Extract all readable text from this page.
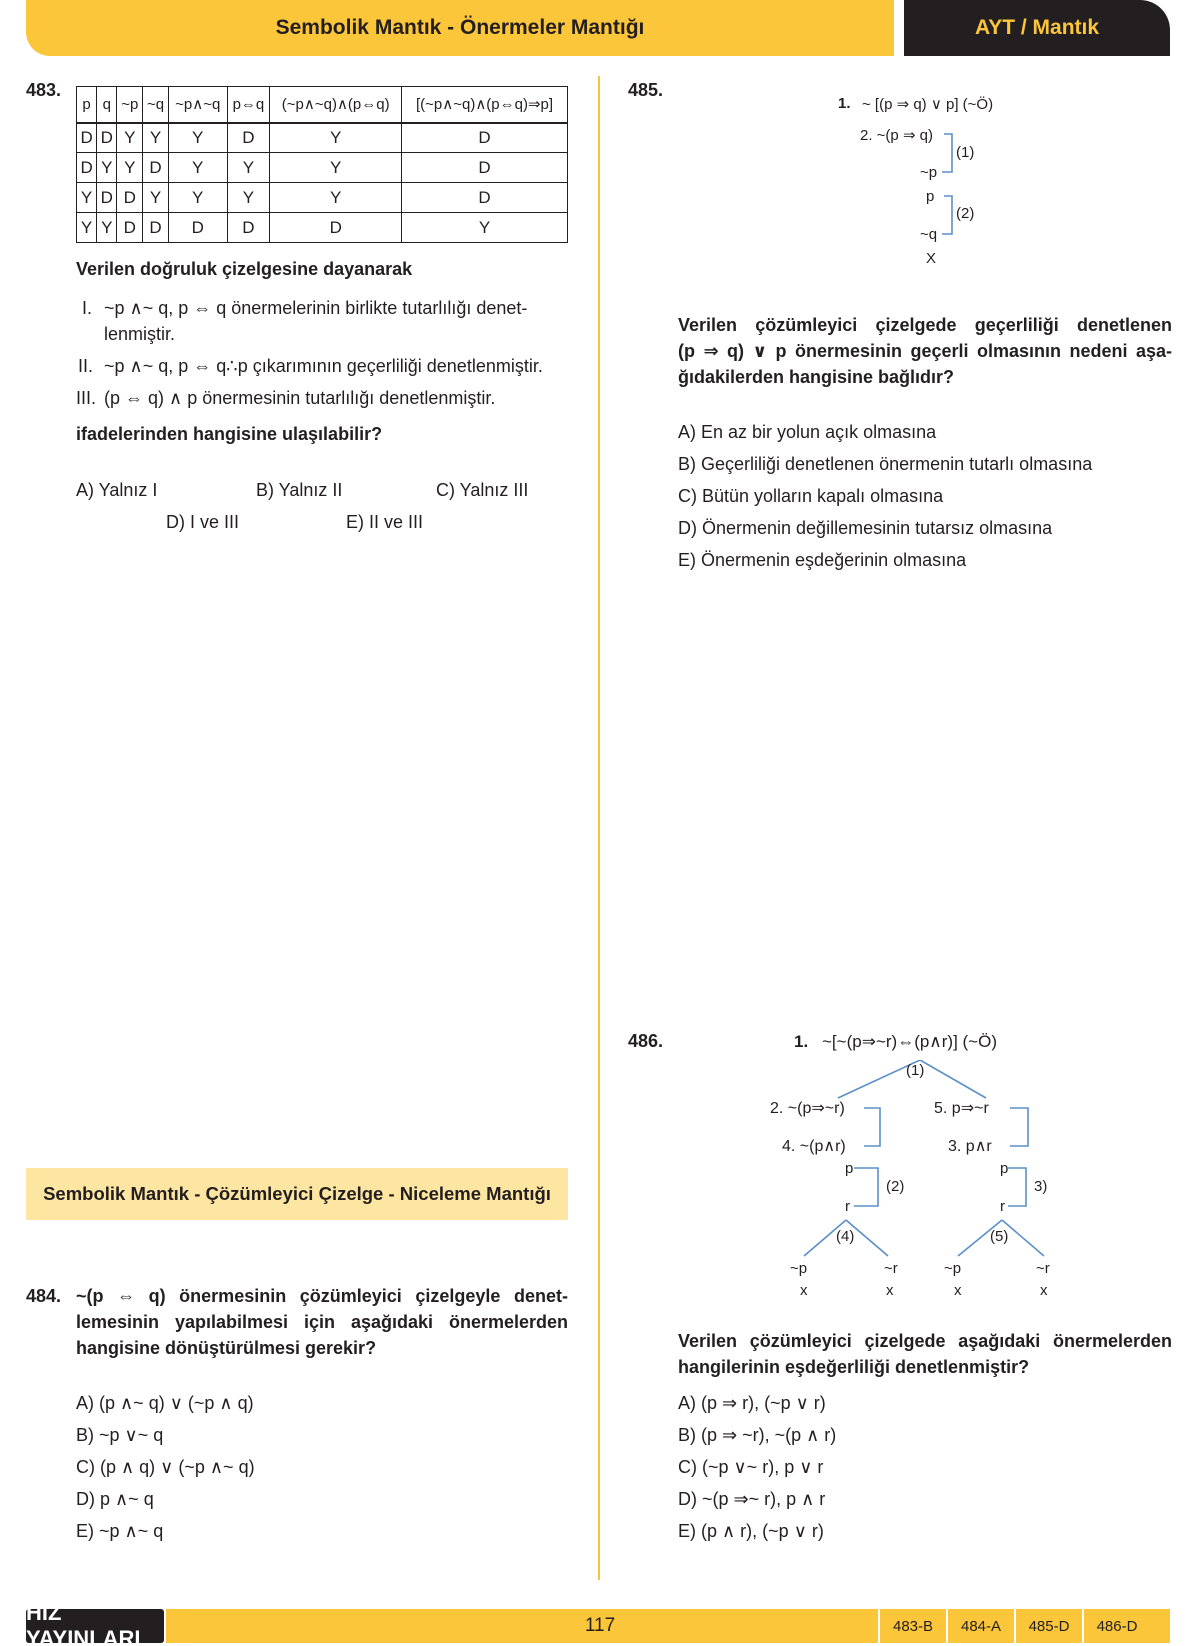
Sembolik Mantık - Önermeler Mantığı	AYT / Mantık
483.
p	q	~p	~q	~p∧~q	p⇔q	(~p∧~q)∧(p⇔q)	[(~p∧~q)∧(p⇔q)⇒p]
D	D	Y	Y	Y	D	Y	D
D	Y	Y	D	Y	Y	Y	D
Y	D	D	Y	Y	Y	Y	D
Y	Y	D	D	D	D	D	Y
Verilen doğruluk çizelgesine dayanarak
I. ~p ∧~ q, p ⇔ q önermelerinin birlikte tutarlılığı denet-
lenmiştir.
II. ~p ∧~ q, p ⇔ q∴p çıkarımının geçerliliği denetlenmiştir.
III. (p ⇔ q) ∧ p önermesinin tutarlılığı denetlenmiştir.
ifadelerinden hangisine ulaşılabilir?
A) Yalnız I	B) Yalnız II	C) Yalnız III
D) I ve III	E) II ve III
Sembolik Mantık - Çözümleyici Çizelge - Niceleme Mantığı
484. ~(p ⇔ q) önermesinin çözümleyici çizelgeyle denet-
lemesinin yapılabilmesi için aşağıdaki önermelerden
hangisine dönüştürülmesi gerekir?
A) (p ∧~ q) ∨ (~p ∧ q)
B) ~p ∨~ q
C) (p ∧ q) ∨ (~p ∧~ q)
D) p ∧~ q
E) ~p ∧~ q
485.
1. ~ [(p ⇒ q) ∨ p] (~Ö)
2. ~(p ⇒ q)
~p
(1)
p
~q
(2)
X
Verilen çözümleyici çizelgede geçerliliği denetlenen
(p ⇒ q) ∨ p önermesinin geçerli olmasının nedeni aşa-
ğıdakilerden hangisine bağlıdır?
A) En az bir yolun açık olmasına
B) Geçerliliği denetlenen önermenin tutarlı olmasına
C) Bütün yolların kapalı olmasına
D) Önermenin değillemesinin tutarsız olmasına
E) Önermenin eşdeğerinin olmasına
486.	1. ~[~(p⇒~r)⇔(p∧r)] (~Ö)
(1)
2. ~(p⇒~r)
4. ~(p∧r)
p
r
(2)
(4)
~p	~r
x	x
5. p⇒~r
3. p∧r
p
r
3)
(5)
~p	~r
x	x
Verilen çözümleyici çizelgede aşağıdaki önermelerden
hangilerinin eşdeğerliliği denetlenmiştir?
A) (p ⇒ r), (~p ∨ r)
B) (p ⇒ ~r), ~(p ∧ r)
C) (~p ∨~ r), p ∨ r
D) ~(p ⇒~ r), p ∧ r
E) (p ∧ r), (~p ∨ r)
HIZ YAYINLARI
117	483-B	484-A	485-D	486-D
